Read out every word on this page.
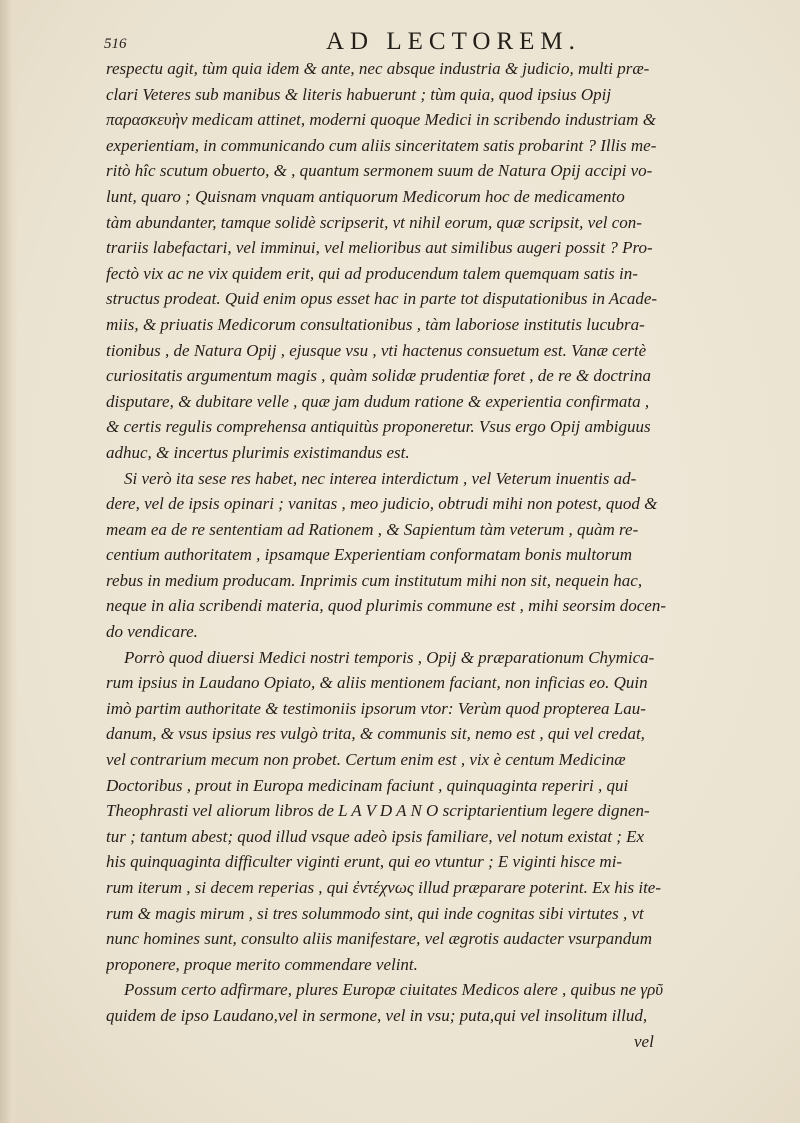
516	AD LECTOREM.

respectu agit, tùm quia idem & ante, nec absque industria & judicio, multi præ-
clari Veteres sub manibus & literis habuerunt ; tùm quia, quod ipsius Opij
παρασκευὴν medicam attinet, moderni quoque Medici in scribendo industriam &
experientiam, in communicando cum aliis sinceritatem satis probarint ? Illis me-
ritò hîc scutum obuerto, & , quantum sermonem suum de Natura Opij accipi vo-
lunt, quaro ; Quisnam vnquam antiquorum Medicorum hoc de medicamento
tàm abundanter, tamque solidè scripserit, vt nihil eorum, quæ scripsit, vel con-
trariis labefactari, vel imminui, vel melioribus aut similibus augeri possit ? Pro-
fectò vix ac ne vix quidem erit, qui ad producendum talem quemquam satis in-
structus prodeat. Quid enim opus esset hac in parte tot disputationibus in Acade-
miis, & priuatis Medicorum consultationibus , tàm laboriose institutis lucubra-
tionibus , de Natura Opij , ejusque vsu , vti hactenus consuetum est. Vanæ certè
curiositatis argumentum magis , quàm solidæ prudentiæ foret , de re & doctrina
disputare, & dubitare velle , quæ jam dudum ratione & experientia confirmata ,
& certis regulis comprehensa antiquitùs proponeretur. Vsus ergo Opij ambiguus
adhuc, & incertus plurimis existimandus est.

Si verò ita sese res habet, nec interea interdictum , vel Veterum inuentis ad-
dere, vel de ipsis opinari ; vanitas , meo judicio, obtrudi mihi non potest, quod &
meam ea de re sententiam ad Rationem , & Sapientum tàm veterum , quàm re-
centium authoritatem , ipsamque Experientiam conformatam bonis multorum
rebus in medium producam. Inprimis cum institutum mihi non sit, nequein hac,
neque in alia scribendi materia, quod plurimis commune est , mihi seorsim docen-
do vendicare.

Porrò quod diuersi Medici nostri temporis , Opij & præparationum Chymica-
rum ipsius in Laudano Opiato, & aliis mentionem faciant, non inficias eo. Quin
imò partim authoritate & testimoniis ipsorum vtor: Verùm quod propterea Lau-
danum, & vsus ipsius res vulgò trita, & communis sit, nemo est , qui vel credat,
vel contrarium mecum non probet. Certum enim est , vix è centum Medicinæ
Doctoribus , prout in Europa medicinam faciunt , quinquaginta reperiri , qui
Theophrasti vel aliorum libros de L A V D A N O scriptarientium legere dignen-
tur ; tantum abest; quod illud vsque adeò ipsis familiare, vel notum existat ; Ex
his quinquaginta difficulter viginti erunt, qui eo vtuntur ; E viginti hisce mi-
rum iterum , si decem reperias , qui ἐντέχνως illud præparare poterint. Ex his ite-
rum & magis mirum , si tres solummodo sint, qui inde cognitas sibi virtutes , vt
nunc homines sunt, consulto aliis manifestare, vel ægrotis audacter vsurpandum
proponere, proque merito commendare velint.

Possum certo adfirmare, plures Europæ ciuitates Medicos alere , quibus ne γρῦ
quidem de ipso Laudano,vel in sermone, vel in vsu; puta,qui vel insolitum illud,
vel
